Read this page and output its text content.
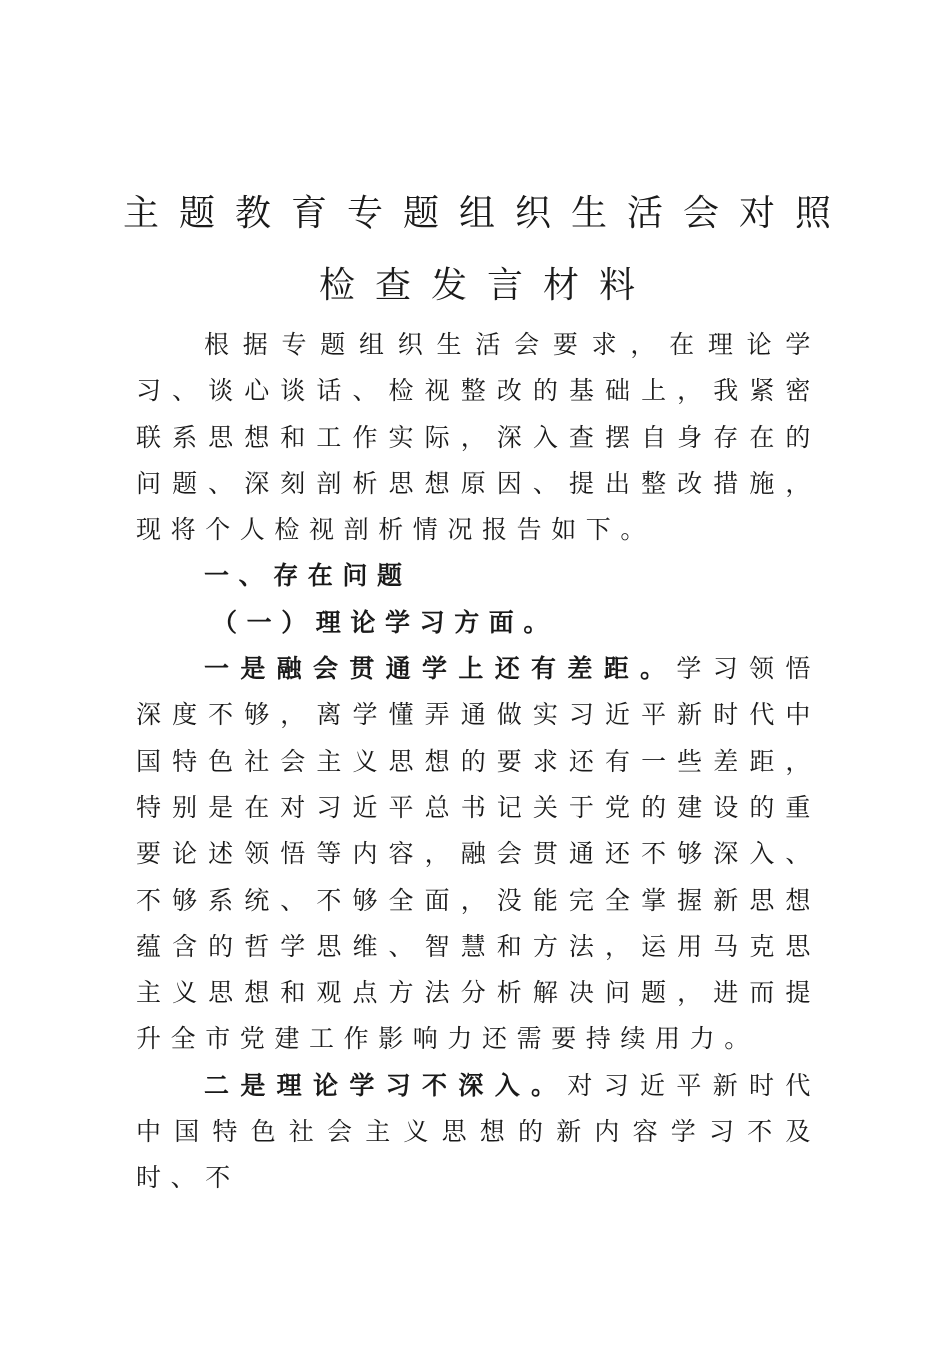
主题教育专题组织生活会对照
检查发言材料

根据专题组织生活会要求，在理论学习、谈心谈话、检视整改的基础上，我紧密联系思想和工作实际，深入查摆自身存在的问题、深刻剖析思想原因、提出整改措施，现将个人检视剖析情况报告如下。

一、存在问题

（一）理论学习方面。

一是融会贯通学上还有差距。学习领悟深度不够，离学懂弄通做实习近平新时代中国特色社会主义思想的要求还有一些差距，特别是在对习近平总书记关于党的建设的重要论述领悟等内容，融会贯通还不够深入、不够系统、不够全面，没能完全掌握新思想蕴含的哲学思维、智慧和方法，运用马克思主义思想和观点方法分析解决问题，进而提升全市党建工作影响力还需要持续用力。

二是理论学习不深入。对习近平新时代中国特色社会主义思想的新内容学习不及时、不
